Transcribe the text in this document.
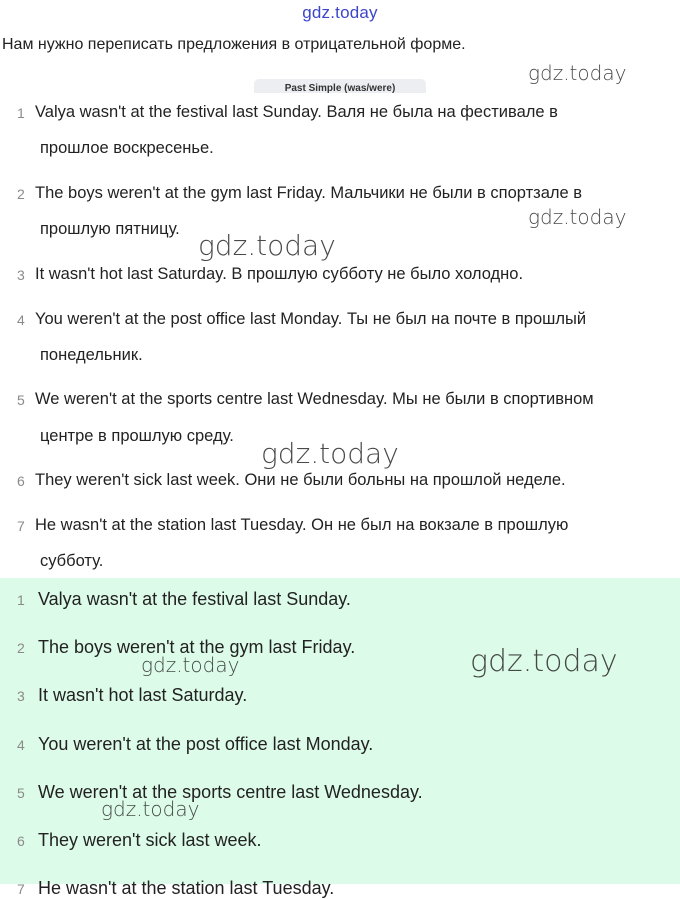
gdz.today
Нам нужно переписать предложения в отрицательной форме.
Past Simple (was/were)
1 Valya wasn't at the festival last Sunday. Валя не была на фестивале в
прошлое воскресенье.
2 The boys weren't at the gym last Friday. Мальчики не были в спортзале в
прошлую пятницу.
3 It wasn't hot last Saturday. В прошлую субботу не было холодно.
4 You weren't at the post office last Monday. Ты не был на почте в прошлый
понедельник.
5 We weren't at the sports centre last Wednesday. Мы не были в спортивном
центре в прошлую среду.
6 They weren't sick last week. Они не были больны на прошлой неделе.
7 He wasn't at the station last Tuesday. Он не был на вокзале в прошлую
субботу.
1 Valya wasn't at the festival last Sunday.
2 The boys weren't at the gym last Friday.
3 It wasn't hot last Saturday.
4 You weren't at the post office last Monday.
5 We weren't at the sports centre last Wednesday.
6 They weren't sick last week.
7 He wasn't at the station last Tuesday.
gdz.today
gdz.today
gdz.today
gdz.today
gdz.today	gdz.today
gdz.today
